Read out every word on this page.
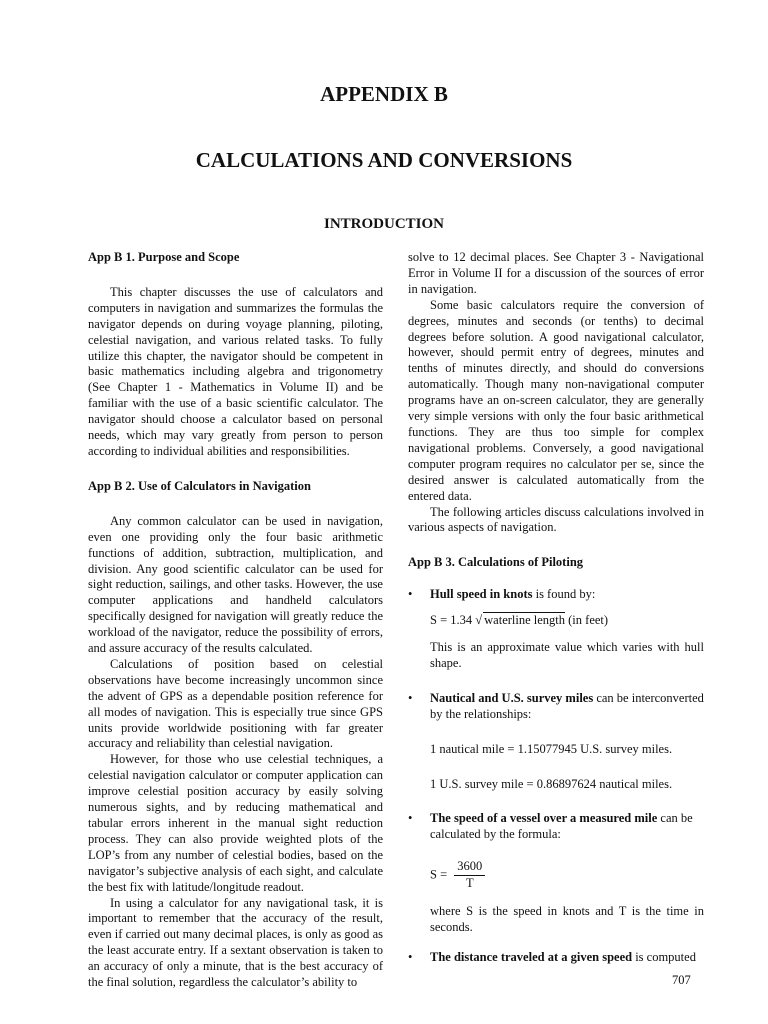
APPENDIX B
CALCULATIONS AND CONVERSIONS
INTRODUCTION
App B 1. Purpose and Scope

This chapter discusses the use of calculators and computers in navigation and summarizes the formulas the navigator depends on during voyage planning, piloting, celestial navigation, and various related tasks. To fully utilize this chapter, the navigator should be competent in basic mathematics including algebra and trigonometry (See Chapter 1 - Mathematics in Volume II) and be familiar with the use of a basic scientific calculator. The navigator should choose a calculator based on personal needs, which may vary greatly from person to person according to individual abilities and responsibilities.

App B 2. Use of Calculators in Navigation

Any common calculator can be used in navigation, even one providing only the four basic arithmetic functions of addition, subtraction, multiplication, and division. Any good scientific calculator can be used for sight reduction, sailings, and other tasks. However, the use computer applications and handheld calculators specifically designed for navigation will greatly reduce the workload of the navigator, reduce the possibility of errors, and assure accuracy of the results calculated.

Calculations of position based on celestial observations have become increasingly uncommon since the advent of GPS as a dependable position reference for all modes of navigation. This is especially true since GPS units provide worldwide positioning with far greater accuracy and reliability than celestial navigation.

However, for those who use celestial techniques, a celestial navigation calculator or computer application can improve celestial position accuracy by easily solving numerous sights, and by reducing mathematical and tabular errors inherent in the manual sight reduction process. They can also provide weighted plots of the LOP’s from any number of celestial bodies, based on the navigator’s subjective analysis of each sight, and calculate the best fix with latitude/longitude readout.

In using a calculator for any navigational task, it is important to remember that the accuracy of the result, even if carried out many decimal places, is only as good as the least accurate entry. If a sextant observation is taken to an accuracy of only a minute, that is the best accuracy of the final solution, regardless the calculator’s ability to

solve to 12 decimal places. See Chapter 3 - Navigational Error in Volume II for a discussion of the sources of error in navigation.

Some basic calculators require the conversion of degrees, minutes and seconds (or tenths) to decimal degrees before solution. A good navigational calculator, however, should permit entry of degrees, minutes and tenths of minutes directly, and should do conversions automatically. Though many non-navigational computer programs have an on-screen calculator, they are generally very simple versions with only the four basic arithmetical functions. They are thus too simple for complex navigational problems. Conversely, a good navigational computer program requires no calculator per se, since the desired answer is calculated automatically from the entered data.

The following articles discuss calculations involved in various aspects of navigation.

App B 3. Calculations of Piloting
• Hull speed in knots is found by:
S = 1.34 √ waterline length (in feet)

This is an approximate value which varies with hull shape.

• Nautical and U.S. survey miles can be interconverted by the relationships:
1 nautical mile = 1.15077945 U.S. survey miles.
1 U.S. survey mile = 0.86897624 nautical miles.
• The speed of a vessel over a measured mile can be calculated by the formula:
$S = \frac{3600}{T}$

where S is the speed in knots and T is the time in seconds.

• The distance traveled at a given speed is computed
707
